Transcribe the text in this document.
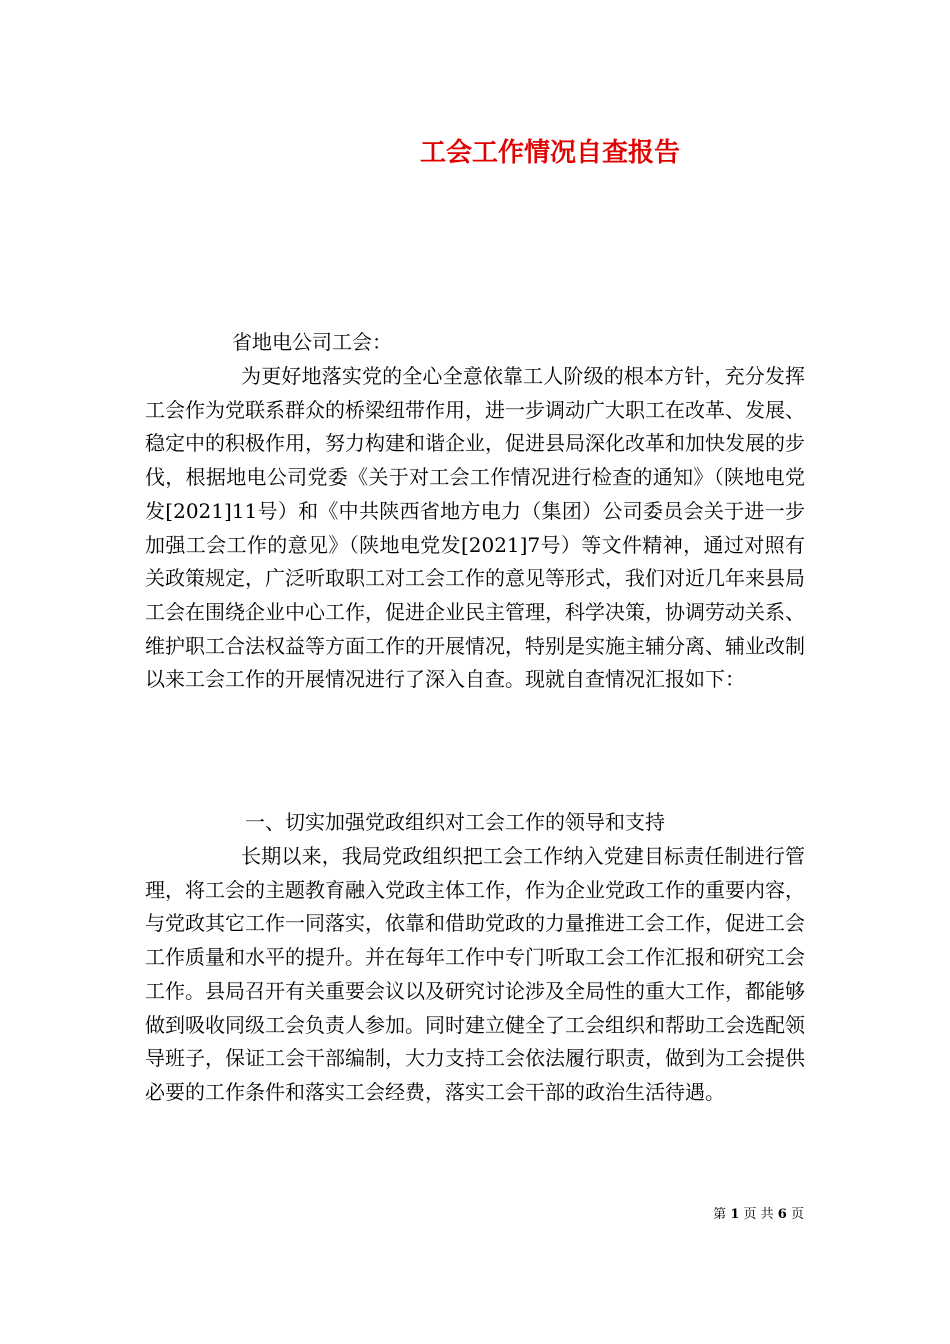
工会工作情况自查报告
省地电公司工会：
为更好地落实党的全心全意依靠工人阶级的根本方针，充分发挥工会作为党联系群众的桥梁纽带作用，进一步调动广大职工在改革、发展、稳定中的积极作用，努力构建和谐企业，促进县局深化改革和加快发展的步伐，根据地电公司党委《关于对工会工作情况进行检查的通知》（陕地电党发[2021]11号）和《中共陕西省地方电力（集团）公司委员会关于进一步加强工会工作的意见》（陕地电党发[2021]7号）等文件精神，通过对照有关政策规定，广泛听取职工对工会工作的意见等形式，我们对近几年来县局工会在围绕企业中心工作，促进企业民主管理，科学决策，协调劳动关系、维护职工合法权益等方面工作的开展情况，特别是实施主辅分离、辅业改制以来工会工作的开展情况进行了深入自查。现就自查情况汇报如下：
一、切实加强党政组织对工会工作的领导和支持
长期以来，我局党政组织把工会工作纳入党建目标责任制进行管理，将工会的主题教育融入党政主体工作，作为企业党政工作的重要内容，与党政其它工作一同落实，依靠和借助党政的力量推进工会工作，促进工会工作质量和水平的提升。并在每年工作中专门听取工会工作汇报和研究工会工作。县局召开有关重要会议以及研究讨论涉及全局性的重大工作，都能够做到吸收同级工会负责人参加。同时建立健全了工会组织和帮助工会选配领导班子，保证工会干部编制，大力支持工会依法履行职责，做到为工会提供必要的工作条件和落实工会经费，落实工会干部的政治生活待遇。
第 1 页 共 6 页
